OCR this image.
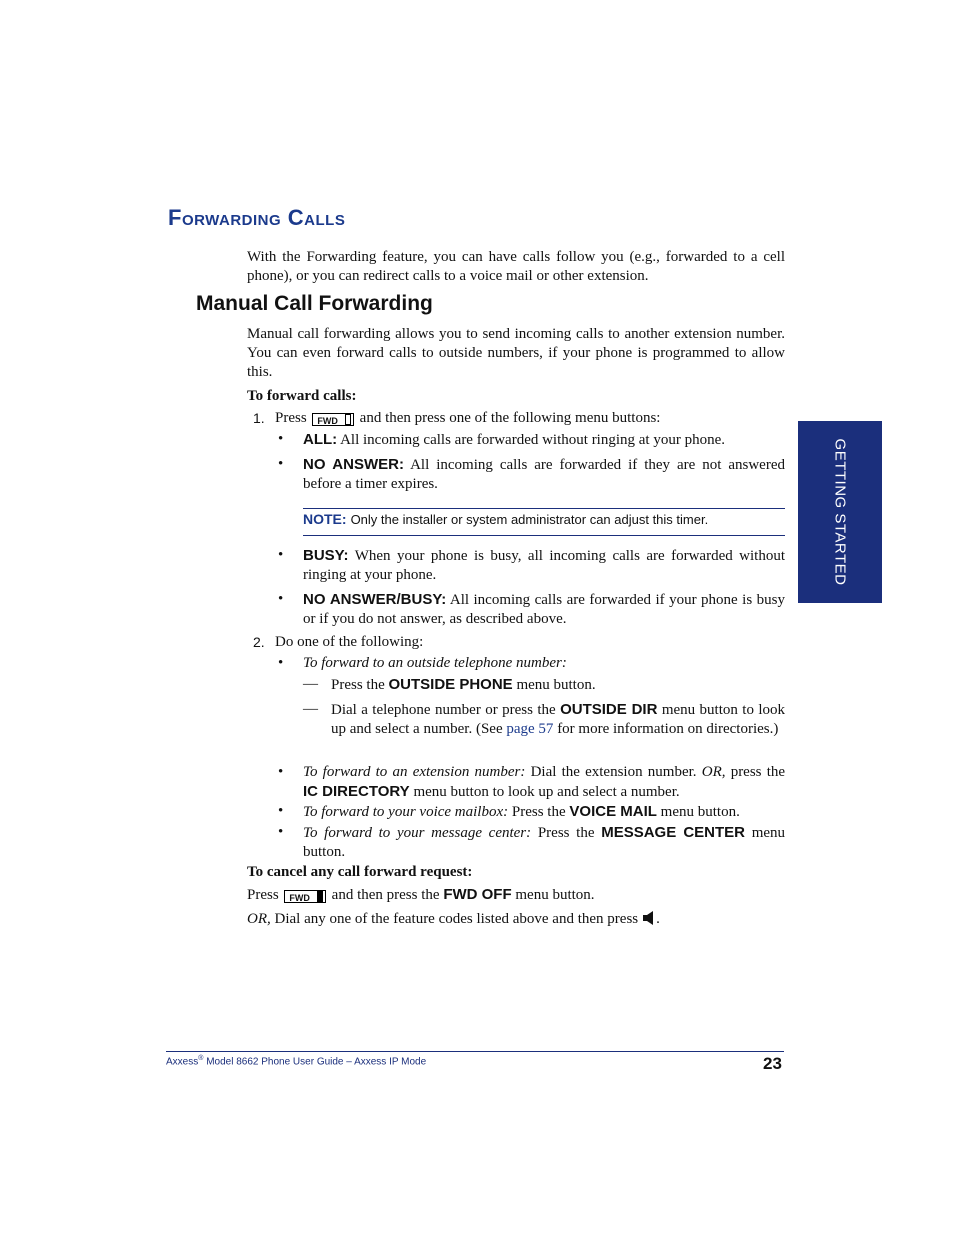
Forwarding Calls
With the Forwarding feature, you can have calls follow you (e.g., forwarded to a cell phone), or you can redirect calls to a voice mail or other extension.
Manual Call Forwarding
Manual call forwarding allows you to send incoming calls to another extension number. You can even forward calls to outside numbers, if your phone is programmed to allow this.
To forward calls:
1. Press FWD and then press one of the following menu buttons:
• ALL: All incoming calls are forwarded without ringing at your phone.
• NO ANSWER: All incoming calls are forwarded if they are not answered before a timer expires.
NOTE: Only the installer or system administrator can adjust this timer.
• BUSY: When your phone is busy, all incoming calls are forwarded without ringing at your phone.
• NO ANSWER/BUSY: All incoming calls are forwarded if your phone is busy or if you do not answer, as described above.
2. Do one of the following:
• To forward to an outside telephone number:
— Press the OUTSIDE PHONE menu button.
— Dial a telephone number or press the OUTSIDE DIR menu button to look up and select a number. (See page 57 for more information on directories.)
• To forward to an extension number: Dial the extension number. OR, press the IC DIRECTORY menu button to look up and select a number.
• To forward to your voice mailbox: Press the VOICE MAIL menu button.
• To forward to your message center: Press the MESSAGE CENTER menu button.
To cancel any call forward request:
Press FWD and then press the FWD OFF menu button.
OR, Dial any one of the feature codes listed above and then press .
GETTING STARTED
Axxess® Model 8662 Phone User Guide – Axxess IP Mode	23
